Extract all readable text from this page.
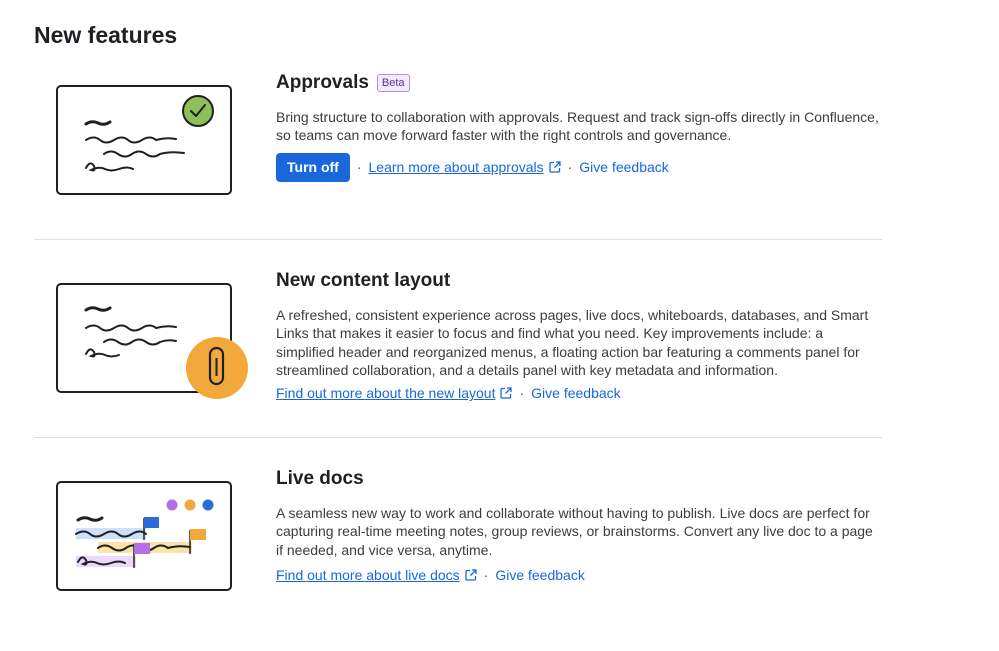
New features
Approvals	Beta

Bring structure to collaboration with approvals. Request and track sign-offs directly in Confluence, so teams can move forward faster with the right controls and governance.

Turn off	· Learn more about approvals	· Give feedback
New content layout

A refreshed, consistent experience across pages, live docs, whiteboards, databases, and Smart Links that makes it easier to focus and find what you need. Key improvements include: a simplified header and reorganized menus, a floating action bar featuring a comments panel for streamlined collaboration, and a details panel with key metadata and information.

Find out more about the new layout	· Give feedback
Live docs

A seamless new way to work and collaborate without having to publish. Live docs are perfect for capturing real-time meeting notes, group reviews, or brainstorms. Convert any live doc to a page if needed, and vice versa, anytime.

Find out more about live docs	· Give feedback
